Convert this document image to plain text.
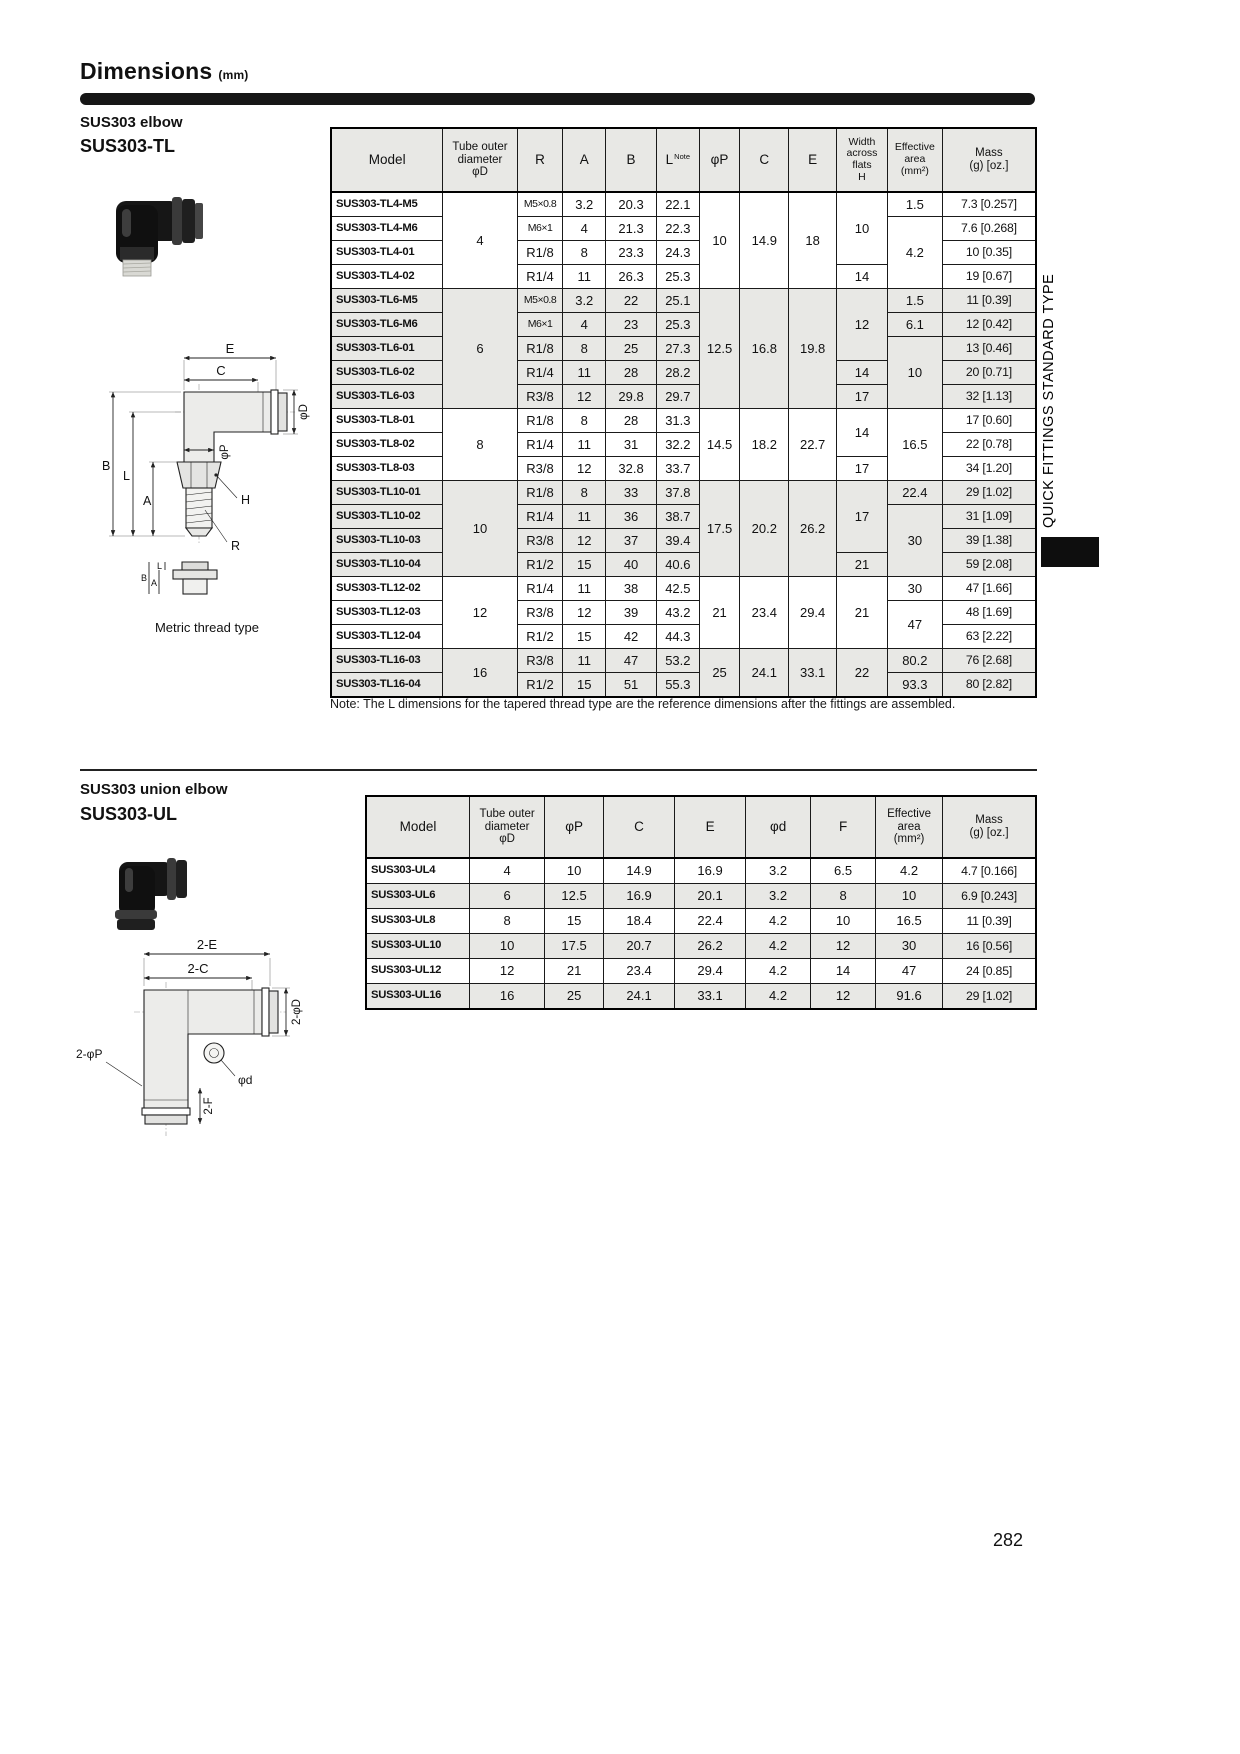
Dimensions (mm)
SUS303 elbow
SUS303-TL
E
C
B
L
A
φP
φD
H
R
L
A
B
Metric thread type
Model	Tube outer
diameter
φD	R	A	B	L$^{Note}$	φP	C	E	Width
across
flats
H	Effective
area
(mm²)	Mass
(g) [oz.]
SUS303-TL4-M5	4	M5×0.8	3.2	20.3	22.1	10	14.9	18	10	1.5	7.3 [0.257]
SUS303-TL4-M6		M6×1	4	21.3	22.3					4.2	7.6 [0.268]
SUS303-TL4-01		R1/8	8	23.3	24.3						10 [0.35]
SUS303-TL4-02		R1/4	11	26.3	25.3				14		19 [0.67]
SUS303-TL6-M5	6	M5×0.8	3.2	22	25.1	12.5	16.8	19.8	12	1.5	11 [0.39]
SUS303-TL6-M6		M6×1	4	23	25.3					6.1	12 [0.42]
SUS303-TL6-01		R1/8	8	25	27.3					10	13 [0.46]
SUS303-TL6-02		R1/4	11	28	28.2				14		20 [0.71]
SUS303-TL6-03		R3/8	12	29.8	29.7				17		32 [1.13]
SUS303-TL8-01	8	R1/8	8	28	31.3	14.5	18.2	22.7	14	16.5	17 [0.60]
SUS303-TL8-02		R1/4	11	31	32.2						22 [0.78]
SUS303-TL8-03		R3/8	12	32.8	33.7				17		34 [1.20]
SUS303-TL10-01	10	R1/8	8	33	37.8	17.5	20.2	26.2	17	22.4	29 [1.02]
SUS303-TL10-02		R1/4	11	36	38.7					30	31 [1.09]
SUS303-TL10-03		R3/8	12	37	39.4						39 [1.38]
SUS303-TL10-04		R1/2	15	40	40.6				21		59 [2.08]
SUS303-TL12-02	12	R1/4	11	38	42.5	21	23.4	29.4	21	30	47 [1.66]
SUS303-TL12-03		R3/8	12	39	43.2					47	48 [1.69]
SUS303-TL12-04		R1/2	15	42	44.3						63 [2.22]
SUS303-TL16-03	16	R3/8	11	47	53.2	25	24.1	33.1	22	80.2	76 [2.68]
SUS303-TL16-04		R1/2	15	51	55.3					93.3	80 [2.82]
Note: The L dimensions for the tapered thread type are the reference dimensions after the fittings are assembled.
SUS303 union elbow
SUS303-UL
2-E
2-C
2-φD
2-φP
φd
2-F
Model	Tube outer
diameter
φD	φP	C	E	φd	F	Effective
area
(mm²)	Mass
(g) [oz.]
SUS303-UL4	4	10	14.9	16.9	3.2	6.5	4.2	4.7 [0.166]
SUS303-UL6	6	12.5	16.9	20.1	3.2	8	10	6.9 [0.243]
SUS303-UL8	8	15	18.4	22.4	4.2	10	16.5	11 [0.39]
SUS303-UL10	10	17.5	20.7	26.2	4.2	12	30	16 [0.56]
SUS303-UL12	12	21	23.4	29.4	4.2	14	47	24 [0.85]
SUS303-UL16	16	25	24.1	33.1	4.2	12	91.6	29 [1.02]
QUICK FITTINGS STANDARD TYPE
282
